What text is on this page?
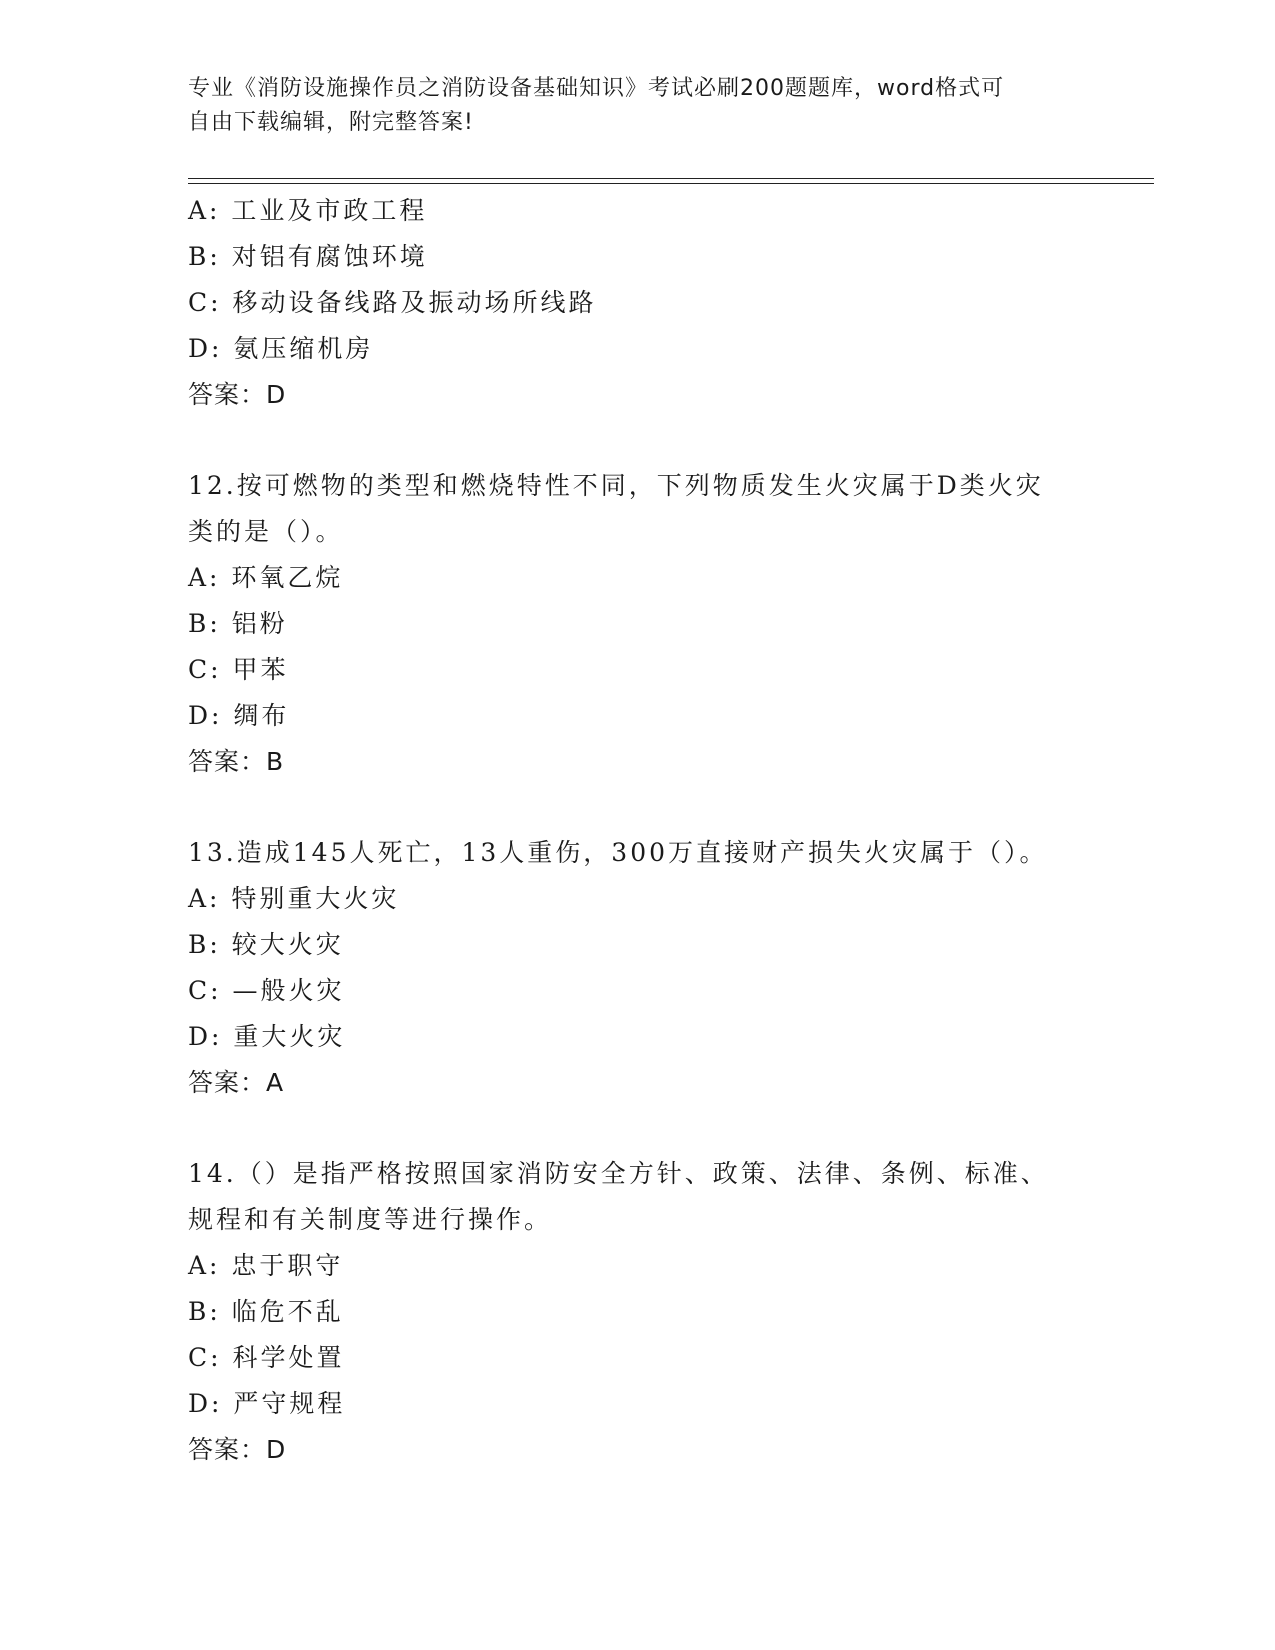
专业《消防设施操作员之消防设备基础知识》考试必刷200题题库，word格式可
自由下载编辑，附完整答案!
A: 工业及市政工程
B: 对铝有腐蚀环境
C: 移动设备线路及振动场所线路
D: 氨压缩机房
答案：D
12.按可燃物的类型和燃烧特性不同，下列物质发生火灾属于D类火灾
类的是（）。
A: 环氧乙烷
B: 铝粉
C: 甲苯
D: 绸布
答案：B
13.造成145人死亡，13人重伤，300万直接财产损失火灾属于（）。
A: 特别重大火灾
B: 较大火灾
C: —般火灾
D: 重大火灾
答案：A
14.（）是指严格按照国家消防安全方针、政策、法律、条例、标准、
规程和有关制度等进行操作。
A: 忠于职守
B: 临危不乱
C: 科学处置
D: 严守规程
答案：D
